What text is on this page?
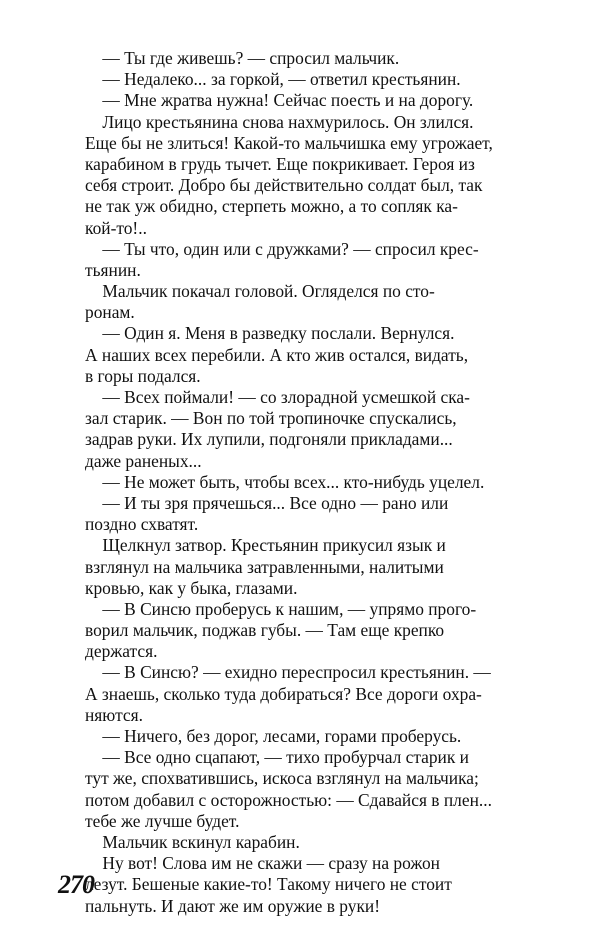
— Ты где живешь? — спросил мальчик.
— Недалеко... за горкой, — ответил крестьянин.
— Мне жратва нужна! Сейчас поесть и на дорогу.
Лицо крестьянина снова нахмурилось. Он злился.
Еще бы не злиться! Какой-то мальчишка ему угрожает,
карабином в грудь тычет. Еще покрикивает. Героя из
себя строит. Добро бы действительно солдат был, так
не так уж обидно, стерпеть можно, а то сопляк ка-
кой-то!..
— Ты что, один или с дружками? — спросил крес-
тьянин.
Мальчик покачал головой. Огляделся по сто-
ронам.
— Один я. Меня в разведку послали. Вернулся.
А наших всех перебили. А кто жив остался, видать,
в горы подался.
— Всех поймали! — со злорадной усмешкой ска-
зал старик. — Вон по той тропиночке спускались,
задрав руки. Их лупили, подгоняли прикладами...
даже раненых...
— Не может быть, чтобы всех... кто-нибудь уцелел.
— И ты зря прячешься... Все одно — рано или
поздно схватят.
Щелкнул затвор. Крестьянин прикусил язык и
взглянул на мальчика затравленными, налитыми
кровью, как у быка, глазами.
— В Синсю проберусь к нашим, — упрямо прого-
ворил мальчик, поджав губы. — Там еще крепко
держатся.
— В Синсю? — ехидно переспросил крестьянин. —
А знаешь, сколько туда добираться? Все дороги охра-
няются.
— Ничего, без дорог, лесами, горами проберусь.
— Все одно сцапают, — тихо пробурчал старик и
тут же, спохватившись, искоса взглянул на мальчика;
потом добавил с осторожностью: — Сдавайся в плен...
тебе же лучше будет.
Мальчик вскинул карабин.
Ну вот! Слова им не скажи — сразу на рожон
лезут. Бешеные какие-то! Такому ничего не стоит
пальнуть. И дают же им оружие в руки!
270
